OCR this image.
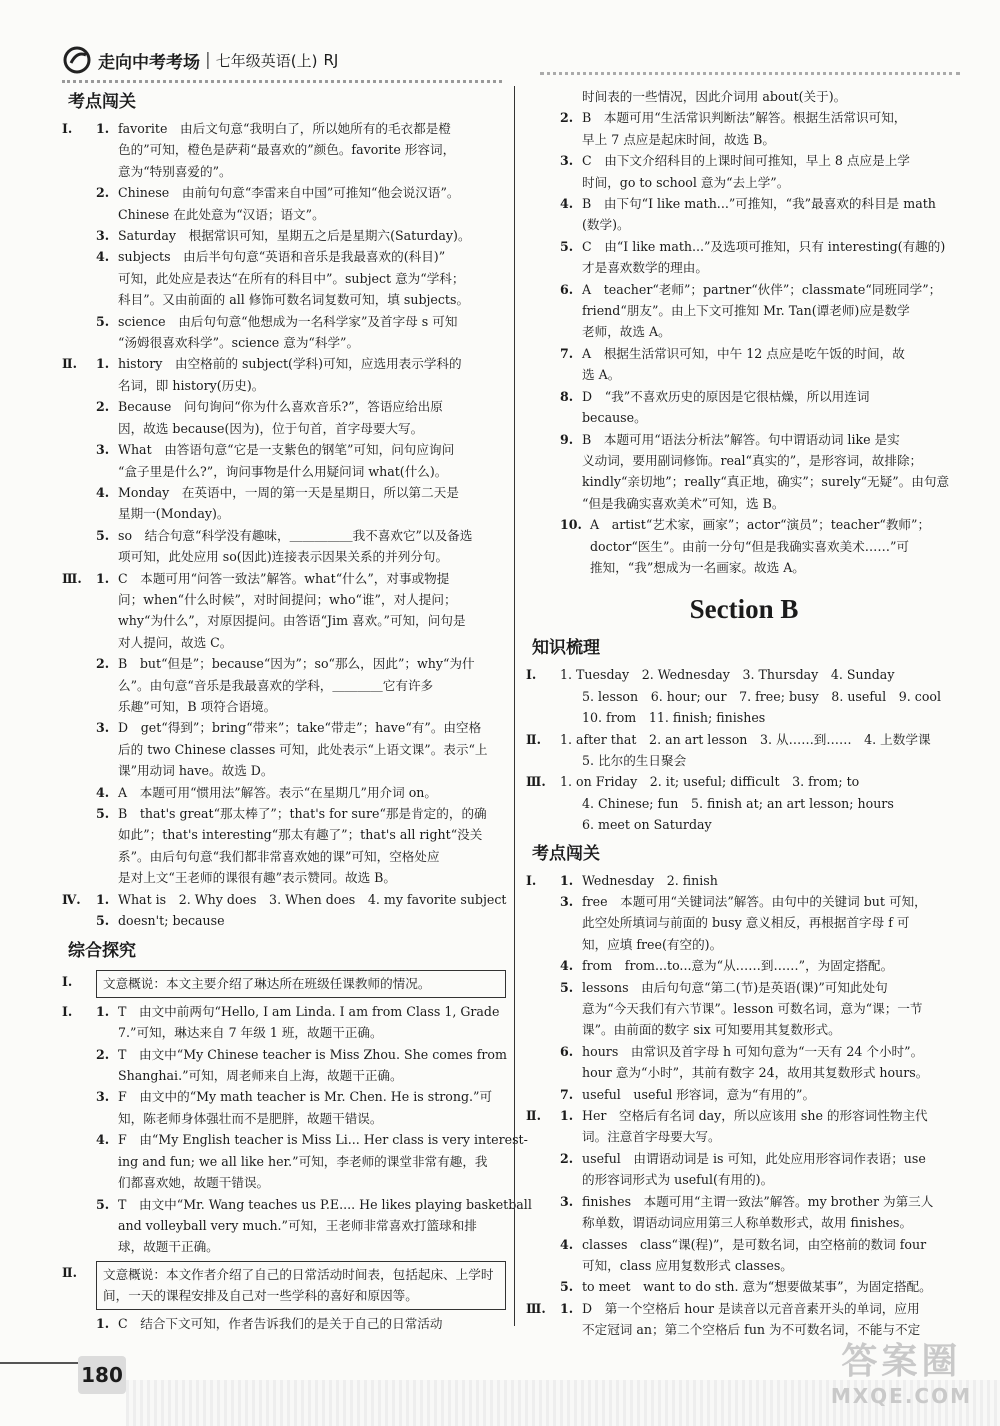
走向中考考场 | 七年级英语(上) RJ
考点闯关
Ⅰ.	1. favorite　由后文句意“我明白了，所以她所有的毛衣都是橙
色的”可知，橙色是萨莉“最喜欢的”颜色。favorite 形容词，
意为“特别喜爱的”。
2. Chinese　由前句句意“李雷来自中国”可推知“他会说汉语”。
Chinese 在此处意为“汉语；语文”。
3. Saturday　根据常识可知，星期五之后是星期六(Saturday)。
4. subjects　由后半句句意“英语和音乐是我最喜欢的(科目)”
可知，此处应是表达“在所有的科目中”。subject 意为“学科；
科目”。又由前面的 all 修饰可数名词复数可知，填 subjects。
5. science　由后句句意“他想成为一名科学家”及首字母 s 可知
“汤姆很喜欢科学”。science 意为“科学”。
Ⅱ.	1. history　由空格前的 subject(学科)可知，应选用表示学科的
名词，即 history(历史)。
2. Because　问句询问“你为什么喜欢音乐?”，答语应给出原
因，故选 because(因为)，位于句首，首字母要大写。
3. What　由答语句意“它是一支紫色的钢笔”可知，问句应询问
“盒子里是什么?”，询问事物是什么用疑问词 what(什么)。
4. Monday　在英语中，一周的第一天是星期日，所以第二天是
星期一(Monday)。
5. so　结合句意“科学没有趣味，＿＿＿＿＿我不喜欢它”以及备选
项可知，此处应用 so(因此)连接表示因果关系的并列分句。
Ⅲ.	1. C　本题可用“问答一致法”解答。what“什么”，对事或物提
问；when“什么时候”，对时间提问；who“谁”，对人提问；
why“为什么”，对原因提问。由答语“Jim 喜欢。”可知，问句是
对人提问，故选 C。
2. B　but“但是”；because“因为”；so“那么，因此”；why“为什
么”。由句意“音乐是我最喜欢的学科，＿＿＿＿它有许多
乐趣”可知，B 项符合语境。
3. D　get“得到”；bring“带来”；take“带走”；have“有”。由空格
后的 two Chinese classes 可知，此处表示“上语文课”。表示“上
课”用动词 have。故选 D。
4. A　本题可用“惯用法”解答。表示“在星期几”用介词 on。
5. B　that's great“那太棒了”；that's for sure“那是肯定的，的确
如此”；that's interesting“那太有趣了”；that's all right“没关
系”。由后句句意“我们都非常喜欢她的课”可知，空格处应
是对上文“王老师的课很有趣”表示赞同。故选 B。
Ⅳ.	1. What is　2. Why does　3. When does　4. my favorite subject
5. doesn't; because
综合探究
Ⅰ.	文意概说：本文主要介绍了琳达所在班级任课教师的情况。
Ⅰ.	1. T　由文中前两句“Hello, I am Linda. I am from Class 1, Grade
7.”可知，琳达来自 7 年级 1 班，故题干正确。
2. T　由文中“My Chinese teacher is Miss Zhou. She comes from
Shanghai.”可知，周老师来自上海，故题干正确。
3. F　由文中的“My math teacher is Mr. Chen. He is strong.”可
知，陈老师身体强壮而不是肥胖，故题干错误。
4. F　由“My English teacher is Miss Li... Her class is very interest-
ing and fun; we all like her.”可知，李老师的课堂非常有趣，我
们都喜欢她，故题干错误。
5. T　由文中“Mr. Wang teaches us P.E.... He likes playing basketball
and volleyball very much.”可知，王老师非常喜欢打篮球和排
球，故题干正确。
Ⅱ.	文意概说：本文作者介绍了自己的日常活动时间表，包括起床、上学时间，一天的课程安排及自己对一些学科的喜好和原因等。
1. C　结合下文可知，作者告诉我们的是关于自己的日常活动
时间表的一些情况，因此介词用 about(关于)。
2. B　本题可用“生活常识判断法”解答。根据生活常识可知，
早上 7 点应是起床时间，故选 B。
3. C　由下文介绍科目的上课时间可推知，早上 8 点应是上学
时间，go to school 意为“去上学”。
4. B　由下句“I like math...”可推知，“我”最喜欢的科目是 math
(数学)。
5. C　由“I like math...”及选项可推知，只有 interesting(有趣的)
才是喜欢数学的理由。
6. A　teacher“老师”；partner“伙伴”；classmate“同班同学”；
friend“朋友”。由上下文可推知 Mr. Tan(谭老师)应是数学
老师，故选 A。
7. A　根据生活常识可知，中午 12 点应是吃午饭的时间，故
选 A。
8. D　“我”不喜欢历史的原因是它很枯燥，所以用连词
because。
9. B　本题可用“语法分析法”解答。句中谓语动词 like 是实
义动词，要用副词修饰。real“真实的”，是形容词，故排除；
kindly“亲切地”；really“真正地，确实”；surely“无疑”。由句意
“但是我确实喜欢美术”可知，选 B。
10. A　artist“艺术家，画家”；actor“演员”；teacher“教师”；
doctor“医生”。由前一分句“但是我确实喜欢美术……”可
推知，“我”想成为一名画家。故选 A。
Section B
知识梳理
Ⅰ.	1. Tuesday　2. Wednesday　3. Thursday　4. Sunday
5. lesson　6. hour; our　7. free; busy　8. useful　9. cool
10. from　11. finish; finishes
Ⅱ.	1. after that　2. an art lesson　3. 从……到……　4. 上数学课
5. 比尔的生日聚会
Ⅲ.	1. on Friday　2. it; useful; difficult　3. from; to
4. Chinese; fun　5. finish at; an art lesson; hours
6. meet on Saturday
考点闯关
Ⅰ.	1. Wednesday　2. finish
3. free　本题可用“关键词法”解答。由句中的关键词 but 可知，
此空处所填词与前面的 busy 意义相反，再根据首字母 f 可
知，应填 free(有空的)。
4. from　from...to...意为“从……到……”，为固定搭配。
5. lessons　由后句句意“第二(节)是英语(课)”可知此处句
意为“今天我们有六节课”。lesson 可数名词，意为“课；一节
课”。由前面的数字 six 可知要用其复数形式。
6. hours　由常识及首字母 h 可知句意为“一天有 24 个小时”。
hour 意为“小时”，其前有数字 24，故用其复数形式 hours。
7. useful　useful 形容词，意为“有用的”。
Ⅱ.	1. Her　空格后有名词 day，所以应该用 she 的形容词性物主代
词。注意首字母要大写。
2. useful　由谓语动词是 is 可知，此处应用形容词作表语；use
的形容词形式为 useful(有用的)。
3. finishes　本题可用“主谓一致法”解答。my brother 为第三人
称单数，谓语动词应用第三人称单数形式，故用 finishes。
4. classes　class“课(程)”，是可数名词，由空格前的数词 four
可知，class 应用复数形式 classes。
5. to meet　want to do sth. 意为“想要做某事”，为固定搭配。
Ⅲ.	1. D　第一个空格后 hour 是读音以元音音素开头的单词，应用
不定冠词 an；第二个空格后 fun 为不可数名词，不能与不定
180	答案圈
MXQE.COM
